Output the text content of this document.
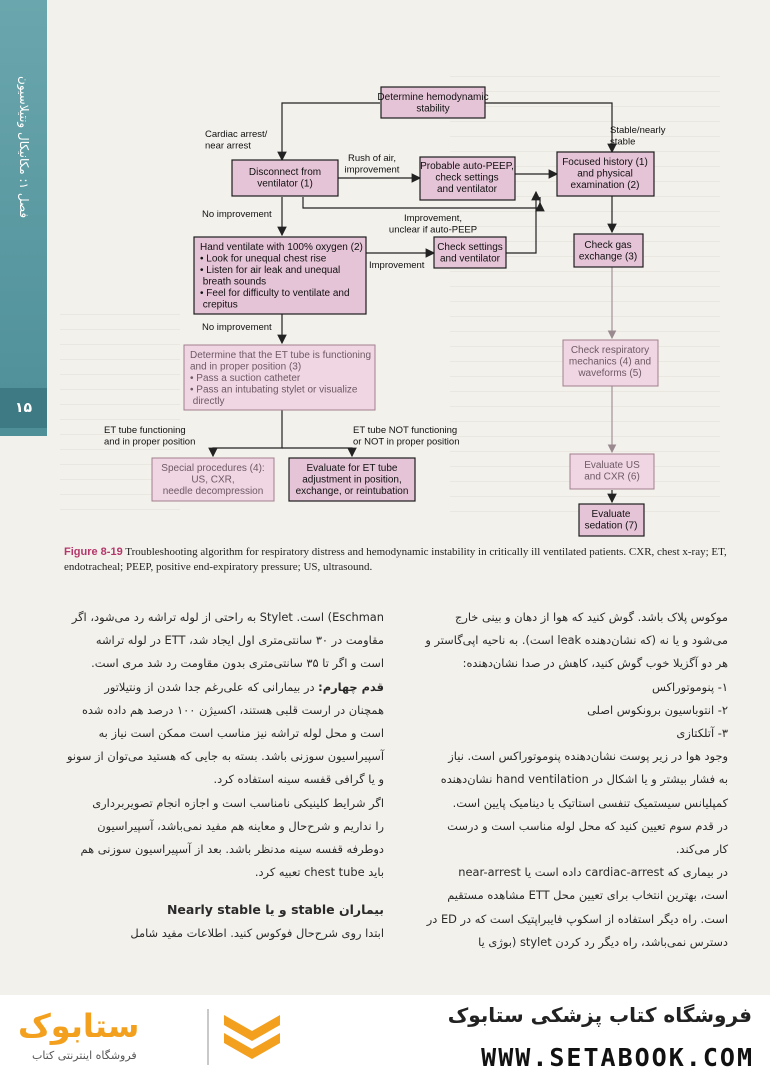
فصل ۱: مکانیکال ونتیلاسیون
۱۵
Determine hemodynamic stability
Disconnect from ventilator (1)
Probable auto-PEEP, check settings and ventilator
Focused history (1) and physical examination (2)
Hand ventilate with 100% oxygen (2) • Look for unequal chest rise • Listen for air leak and unequal breath sounds • Feel for difficulty to ventilate and crepitus
Check settings and ventilator
Check gas exchange (3)
Determine that the ET tube is functioning and in proper position (3) • Pass a suction catheter • Pass an intubating stylet or visualize directly
Check respiratory mechanics (4) and waveforms (5)
Special procedures (4): US, CXR, needle decompression
Evaluate for ET tube adjustment in position, exchange, or reintubation
Evaluate US and CXR (6)
Evaluate sedation (7)
Cardiac arrest/ near arrest
Stable/nearly stable
Rush of air, improvement
No improvement	Improvement, unclear if auto-PEEP
Improvement
No improvement
ET tube functioning and in proper position
ET tube NOT functioning or NOT in proper position
Figure 8-19 Troubleshooting algorithm for respiratory distress and hemodynamic instability in critically ill ventilated patients. CXR, chest x-ray; ET, endotracheal; PEEP, positive end-expiratory pressure; US, ultrasound.

موکوس پلاک باشد. گوش کنید که هوا از دهان و بینی خارج

می‌شود و یا نه (که نشان‌دهنده leak است). به ناحیه اپی‌گاستر و

هر دو آگزیلا خوب گوش کنید، کاهش در صدا نشان‌دهنده:

۱- پنوموتوراکس

۲- انتوباسیون برونکوس اصلی

۳- آتلکتازی

وجود هوا در زیر پوست نشان‌دهنده پنوموتوراکس است. نیاز

به فشار بیشتر و یا اشکال در hand ventilation نشان‌دهنده

کمپلیانس سیستمیک تنفسی استاتیک یا دینامیک پایین است.

در قدم سوم تعیین کنید که محل لوله مناسب است و درست

کار می‌کند.

در بیماری که cardiac-arrest داده است یا near-arrest

است، بهترین انتخاب برای تعیین محل ETT مشاهده مستقیم

است. راه دیگر استفاده از اسکوپ فایبراپتیک است که در ED در

دسترس نمی‌باشد، راه دیگر رد کردن stylet (بوژی یا

Eschman) است. Stylet به راحتی از لوله تراشه رد می‌شود، اگر

مقاومت در ۳۰ سانتی‌متری اول ایجاد شد، ETT در لوله تراشه

است و اگر تا ۳۵ سانتی‌متری بدون مقاومت رد شد مری است.

قدم چهارم: در بیمارانی که علی‌رغم جدا شدن از ونتیلاتور

همچنان در ارست قلبی هستند، اکسیژن ۱۰۰ درصد هم داده شده

است و محل لوله تراشه نیز مناسب است ممکن است نیاز به

آسپیراسیون سوزنی باشد. بسته به جایی که هستید می‌توان از سونو

و یا گرافی قفسه سینه استفاده کرد.

اگر شرایط کلینیکی نامناسب است و اجازه انجام تصویربرداری

را نداریم و شرح‌حال و معاینه هم مفید نمی‌باشد، آسپیراسیون

دوطرفه قفسه سینه مدنظر باشد. بعد از آسپیراسیون سوزنی هم

باید chest tube تعبیه کرد.

بیماران stable و یا Nearly stable

ابتدا روی شرح‌حال فوکوس کنید. اطلاعات مفید شامل

فروشگاه کتاب پزشکی ستابوک
WWW.SETABOOK.COM
ستابوک
فروشگاه اینترنتی کتاب
